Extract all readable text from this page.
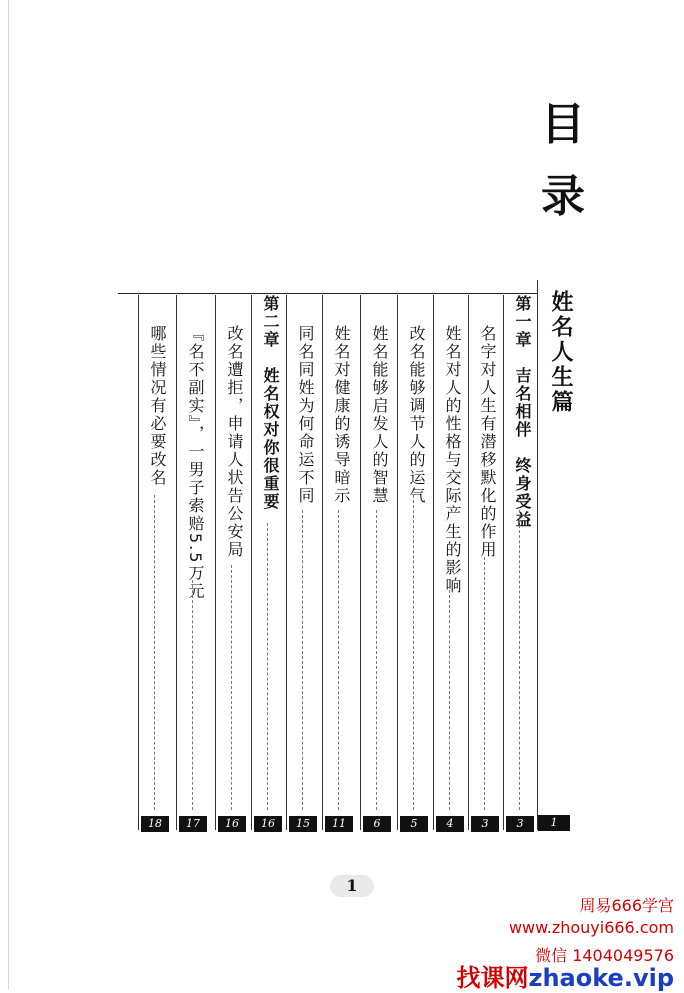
目
录
姓名人生篇
1
第一章　吉名相伴　终身受益
3
名字对人生有潜移默化的作用
3
姓名对人的性格与交际产生的影响
4
改名能够调节人的运气
5
姓名能够启发人的智慧
6
姓名对健康的诱导暗示
11
同名同姓为何命运不同
15
第二章　姓名权对你很重要
16
改名遭拒，申请人状告公安局
16
『名不副实』，一男子索赔5.5万元
17
哪些情况有必要改名
18
1
周易666学宫
www.zhouyi666.com
微信 1404049576
找课网zhaoke.vip
